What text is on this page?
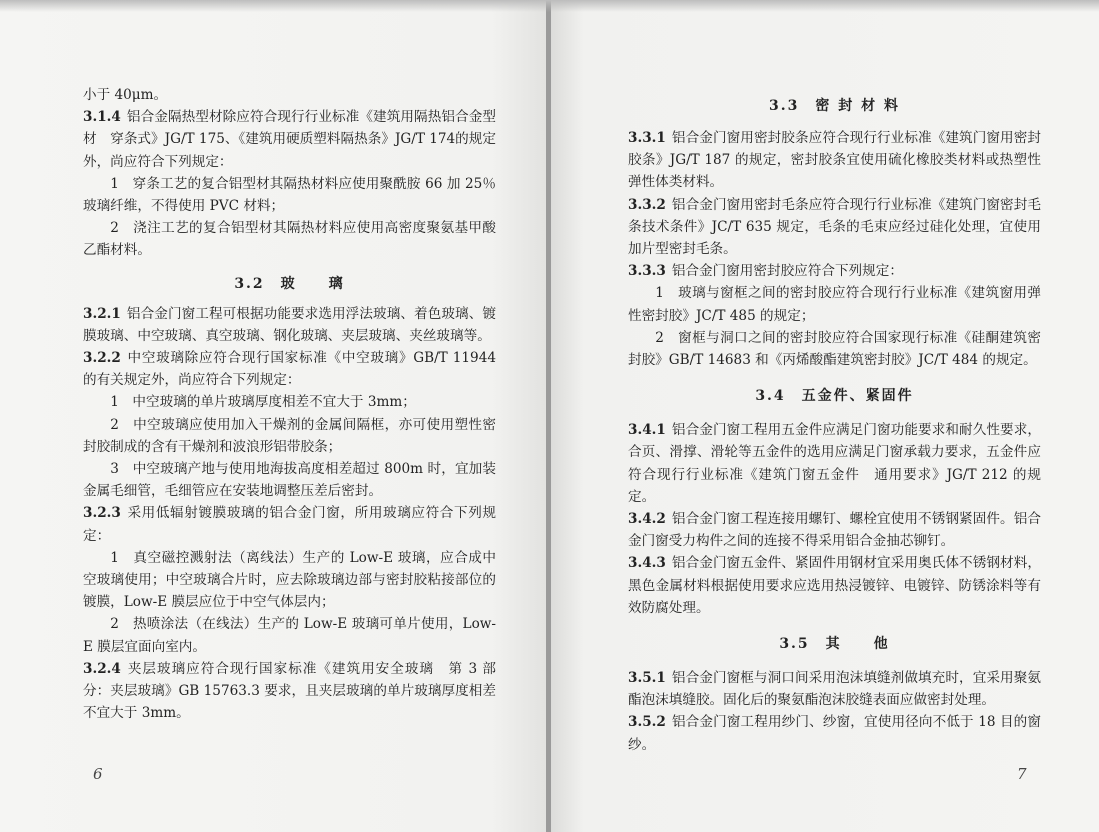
小于 40μm。

3.1.4 铝合金隔热型材除应符合现行行业标准《建筑用隔热铝合金型材　穿条式》JG/T 175、《建筑用硬质塑料隔热条》JG/T 174的规定外，尚应符合下列规定：

1　穿条工艺的复合铝型材其隔热材料应使用聚酰胺 66 加 25％玻璃纤维，不得使用 PVC 材料；

2　浇注工艺的复合铝型材其隔热材料应使用高密度聚氨基甲酸乙酯材料。

3.2　玻　　璃

3.2.1 铝合金门窗工程可根据功能要求选用浮法玻璃、着色玻璃、镀膜玻璃、中空玻璃、真空玻璃、钢化玻璃、夹层玻璃、夹丝玻璃等。

3.2.2 中空玻璃除应符合现行国家标准《中空玻璃》GB/T 11944 的有关规定外，尚应符合下列规定：

1　中空玻璃的单片玻璃厚度相差不宜大于 3mm；

2　中空玻璃应使用加入干燥剂的金属间隔框，亦可使用塑性密封胶制成的含有干燥剂和波浪形铝带胶条；

3　中空玻璃产地与使用地海拔高度相差超过 800m 时，宜加装金属毛细管，毛细管应在安装地调整压差后密封。

3.2.3 采用低辐射镀膜玻璃的铝合金门窗，所用玻璃应符合下列规定：

1　真空磁控溅射法（离线法）生产的 Low-E 玻璃，应合成中空玻璃使用；中空玻璃合片时，应去除玻璃边部与密封胶粘接部位的镀膜，Low-E 膜层应位于中空气体层内；

2　热喷涂法（在线法）生产的 Low-E 玻璃可单片使用，Low-E 膜层宜面向室内。

3.2.4 夹层玻璃应符合现行国家标准《建筑用安全玻璃　第 3 部分：夹层玻璃》GB 15763.3 要求，且夹层玻璃的单片玻璃厚度相差不宜大于 3mm。

6
3.3　密 封 材 料

3.3.1 铝合金门窗用密封胶条应符合现行行业标准《建筑门窗用密封胶条》JG/T 187 的规定，密封胶条宜使用硫化橡胶类材料或热塑性弹性体类材料。

3.3.2 铝合金门窗用密封毛条应符合现行行业标准《建筑门窗密封毛条技术条件》JC/T 635 规定，毛条的毛束应经过硅化处理，宜使用加片型密封毛条。

3.3.3 铝合金门窗用密封胶应符合下列规定：

1　玻璃与窗框之间的密封胶应符合现行行业标准《建筑窗用弹性密封胶》JC/T 485 的规定；

2　窗框与洞口之间的密封胶应符合国家现行标准《硅酮建筑密封胶》GB/T 14683 和《丙烯酸酯建筑密封胶》JC/T 484 的规定。

3.4　五金件、紧固件

3.4.1 铝合金门窗工程用五金件应满足门窗功能要求和耐久性要求，合页、滑撑、滑轮等五金件的选用应满足门窗承载力要求，五金件应符合现行行业标准《建筑门窗五金件　通用要求》JG/T 212 的规定。

3.4.2 铝合金门窗工程连接用螺钉、螺栓宜使用不锈钢紧固件。铝合金门窗受力构件之间的连接不得采用铝合金抽芯铆钉。

3.4.3 铝合金门窗五金件、紧固件用钢材宜采用奥氏体不锈钢材料，黑色金属材料根据使用要求应选用热浸镀锌、电镀锌、防锈涂料等有效防腐处理。

3.5　其　　他

3.5.1 铝合金门窗框与洞口间采用泡沫填缝剂做填充时，宜采用聚氨酯泡沫填缝胶。固化后的聚氨酯泡沫胶缝表面应做密封处理。

3.5.2 铝合金门窗工程用纱门、纱窗，宜使用径向不低于 18 目的窗纱。

7
